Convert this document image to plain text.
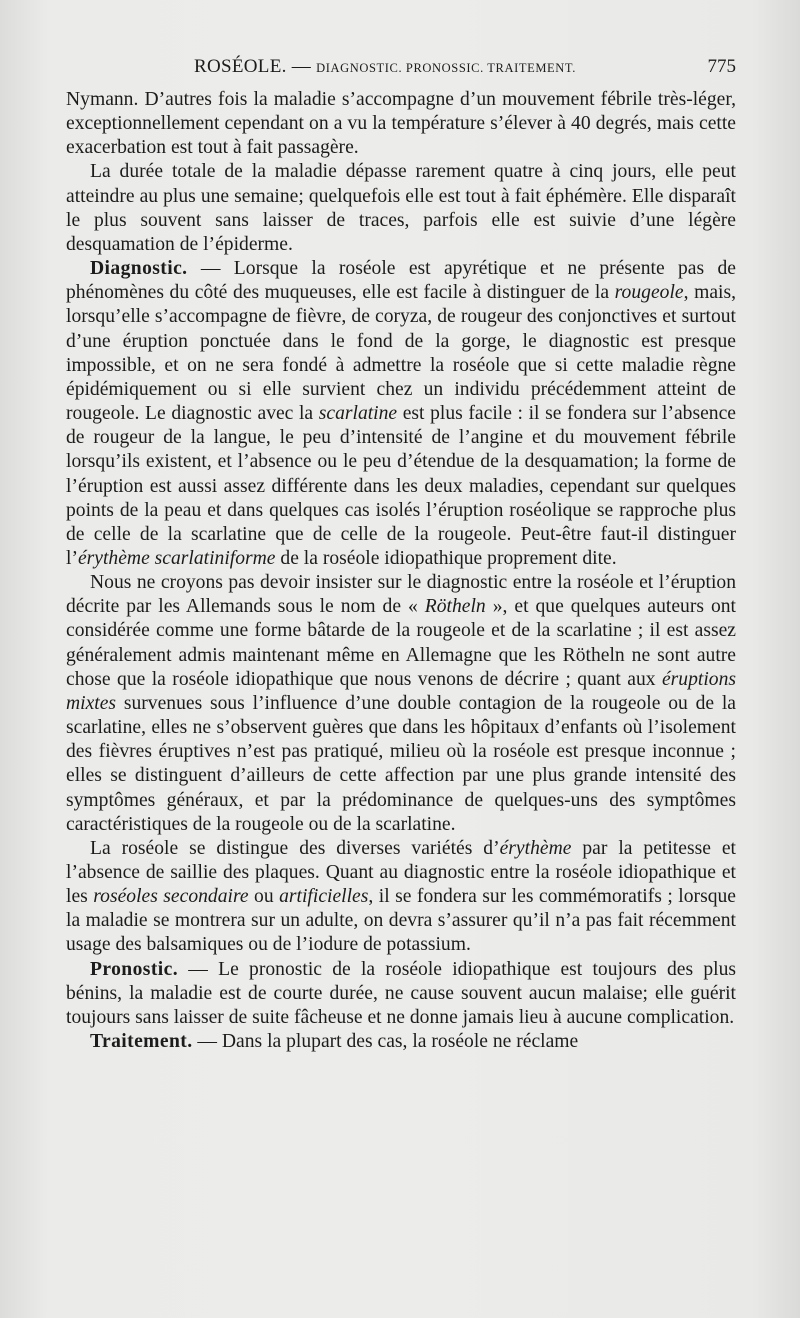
ROSÉOLE. — DIAGNOSTIC. PRONOSSIC. TRAITEMENT.	775

Nymann. D’autres fois la maladie s’accompagne d’un mouvement fébrile très-léger, exceptionnellement cependant on a vu la température s’élever à 40 degrés, mais cette exacerbation est tout à fait passagère.

La durée totale de la maladie dépasse rarement quatre à cinq jours, elle peut atteindre au plus une semaine; quelquefois elle est tout à fait éphémère. Elle disparaît le plus souvent sans laisser de traces, parfois elle est suivie d’une légère desquamation de l’épiderme.

Diagnostic. — Lorsque la roséole est apyrétique et ne présente pas de phénomènes du côté des muqueuses, elle est facile à distinguer de la rougeole, mais, lorsqu’elle s’accompagne de fièvre, de coryza, de rougeur des conjonctives et surtout d’une éruption ponctuée dans le fond de la gorge, le diagnostic est presque impossible, et on ne sera fondé à admettre la roséole que si cette maladie règne épidémiquement ou si elle survient chez un individu précédemment atteint de rougeole. Le diagnostic avec la scarlatine est plus facile : il se fondera sur l’absence de rougeur de la langue, le peu d’intensité de l’angine et du mouvement fébrile lorsqu’ils existent, et l’absence ou le peu d’étendue de la desquamation; la forme de l’éruption est aussi assez différente dans les deux maladies, cependant sur quelques points de la peau et dans quelques cas isolés l’éruption roséolique se rapproche plus de celle de la scarlatine que de celle de la rougeole. Peut-être faut-il distinguer l’érythème scarlatiniforme de la roséole idiopathique proprement dite.

Nous ne croyons pas devoir insister sur le diagnostic entre la roséole et l’éruption décrite par les Allemands sous le nom de « Rötheln », et que quelques auteurs ont considérée comme une forme bâtarde de la rougeole et de la scarlatine ; il est assez généralement admis maintenant même en Allemagne que les Rötheln ne sont autre chose que la roséole idiopathique que nous venons de décrire ; quant aux éruptions mixtes survenues sous l’influence d’une double contagion de la rougeole ou de la scarlatine, elles ne s’observent guères que dans les hôpitaux d’enfants où l’isolement des fièvres éruptives n’est pas pratiqué, milieu où la roséole est presque inconnue ; elles se distinguent d’ailleurs de cette affection par une plus grande intensité des symptômes généraux, et par la prédominance de quelques-uns des symptômes caractéristiques de la rougeole ou de la scarlatine.

La roséole se distingue des diverses variétés d’érythème par la petitesse et l’absence de saillie des plaques. Quant au diagnostic entre la roséole idiopathique et les roséoles secondaire ou artificielles, il se fondera sur les commémoratifs ; lorsque la maladie se montrera sur un adulte, on devra s’assurer qu’il n’a pas fait récemment usage des balsamiques ou de l’iodure de potassium.

Pronostic. — Le pronostic de la roséole idiopathique est toujours des plus bénins, la maladie est de courte durée, ne cause souvent aucun malaise; elle guérit toujours sans laisser de suite fâcheuse et ne donne jamais lieu à aucune complication.

Traitement. — Dans la plupart des cas, la roséole ne réclame
